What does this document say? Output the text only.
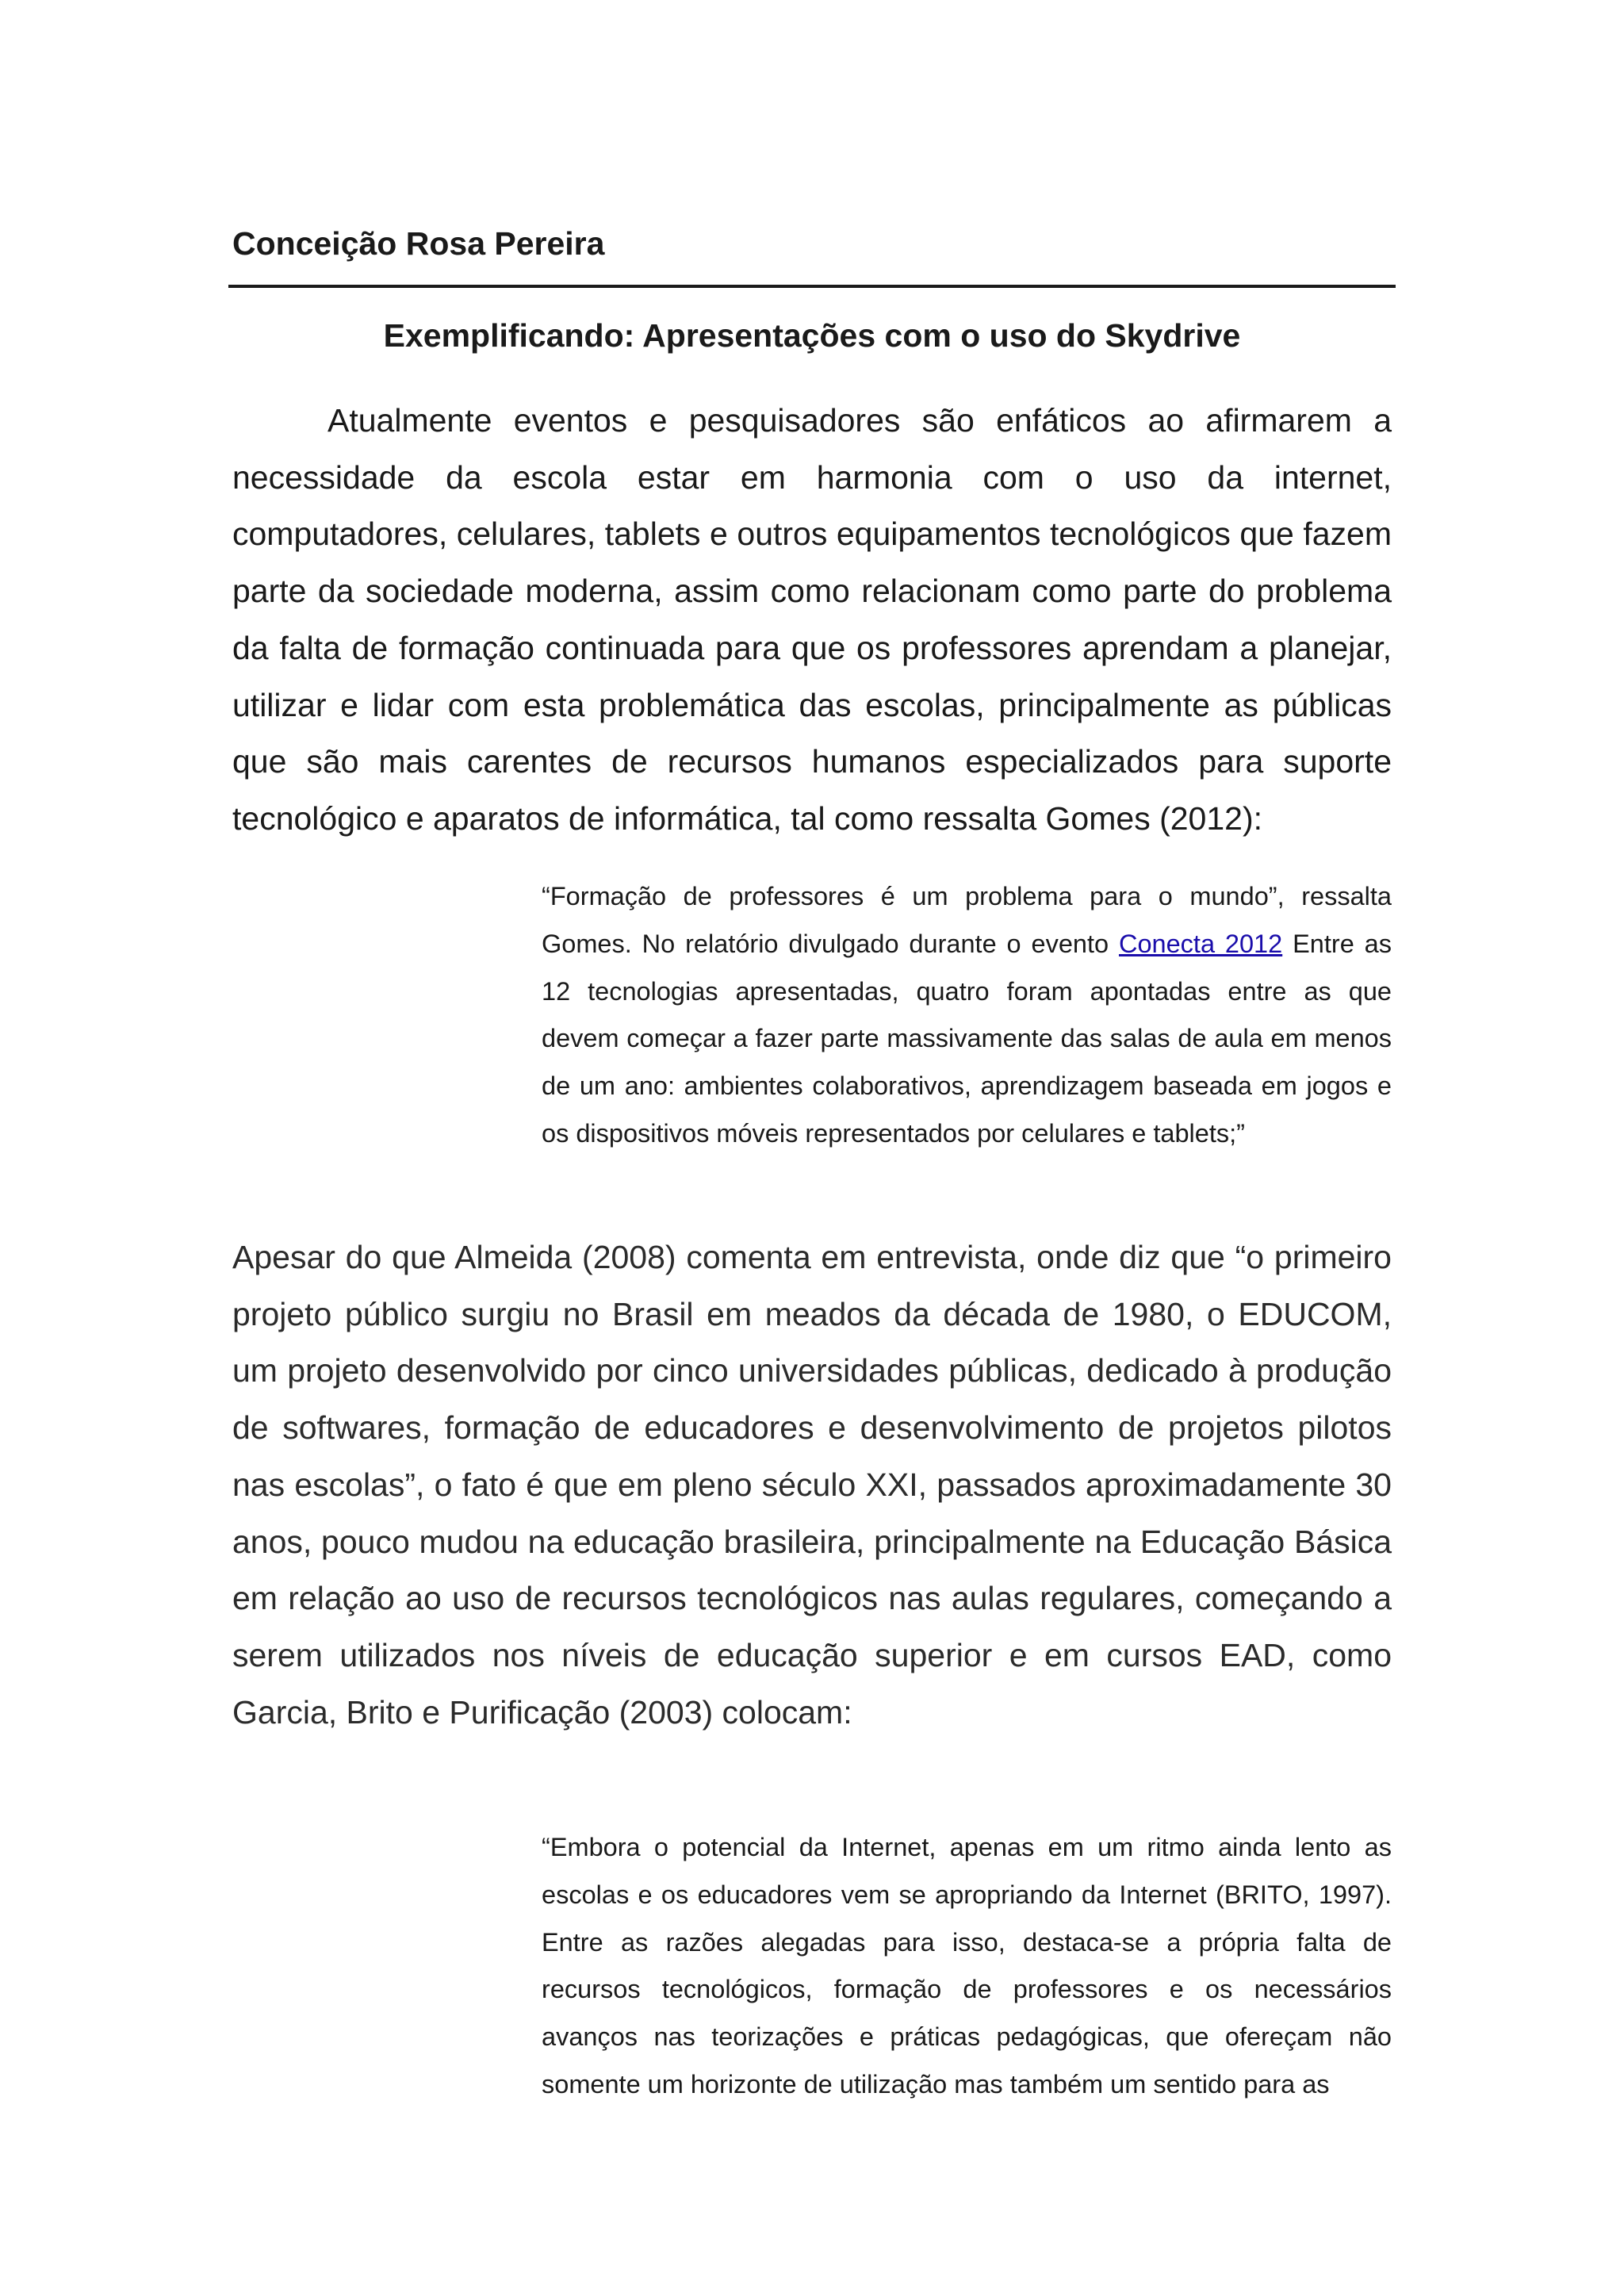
Conceição Rosa Pereira
Exemplificando: Apresentações com o uso do Skydrive

Atualmente eventos e pesquisadores são enfáticos ao afirmarem a necessidade da escola estar em harmonia com o uso da internet, computadores, celulares, tablets e outros equipamentos tecnológicos que fazem parte da sociedade moderna, assim como relacionam como parte do problema da falta de formação continuada para que os professores aprendam a planejar, utilizar e lidar com esta problemática das escolas, principalmente as públicas que são mais carentes de recursos humanos especializados para suporte tecnológico e aparatos de informática, tal como ressalta Gomes (2012):

“Formação de professores é um problema para o mundo”, ressalta Gomes. No relatório divulgado durante o evento Conecta 2012 Entre as 12 tecnologias apresentadas, quatro foram apontadas entre as que devem começar a fazer parte massivamente das salas de aula em menos de um ano: ambientes colaborativos, aprendizagem baseada em jogos e os dispositivos móveis representados por celulares e tablets;”

Apesar do que Almeida (2008) comenta em entrevista, onde diz que “o primeiro projeto público surgiu no Brasil em meados da década de 1980, o EDUCOM, um projeto desenvolvido por cinco universidades públicas, dedicado à produção de softwares, formação de educadores e desenvolvimento de projetos pilotos nas escolas”, o fato é que em pleno século XXI, passados aproximadamente 30 anos, pouco mudou na educação brasileira, principalmente na Educação Básica em relação ao uso de recursos tecnológicos nas aulas regulares, começando a serem utilizados nos níveis de educação superior e em cursos EAD, como Garcia, Brito e Purificação (2003) colocam:

“Embora o potencial da Internet, apenas em um ritmo ainda lento as escolas e os educadores vem se apropriando da Internet (BRITO, 1997). Entre as razões alegadas para isso, destaca-se a própria falta de recursos tecnológicos, formação de professores e os necessários avanços nas teorizações e práticas pedagógicas, que ofereçam não somente um horizonte de utilização mas também um sentido para as
